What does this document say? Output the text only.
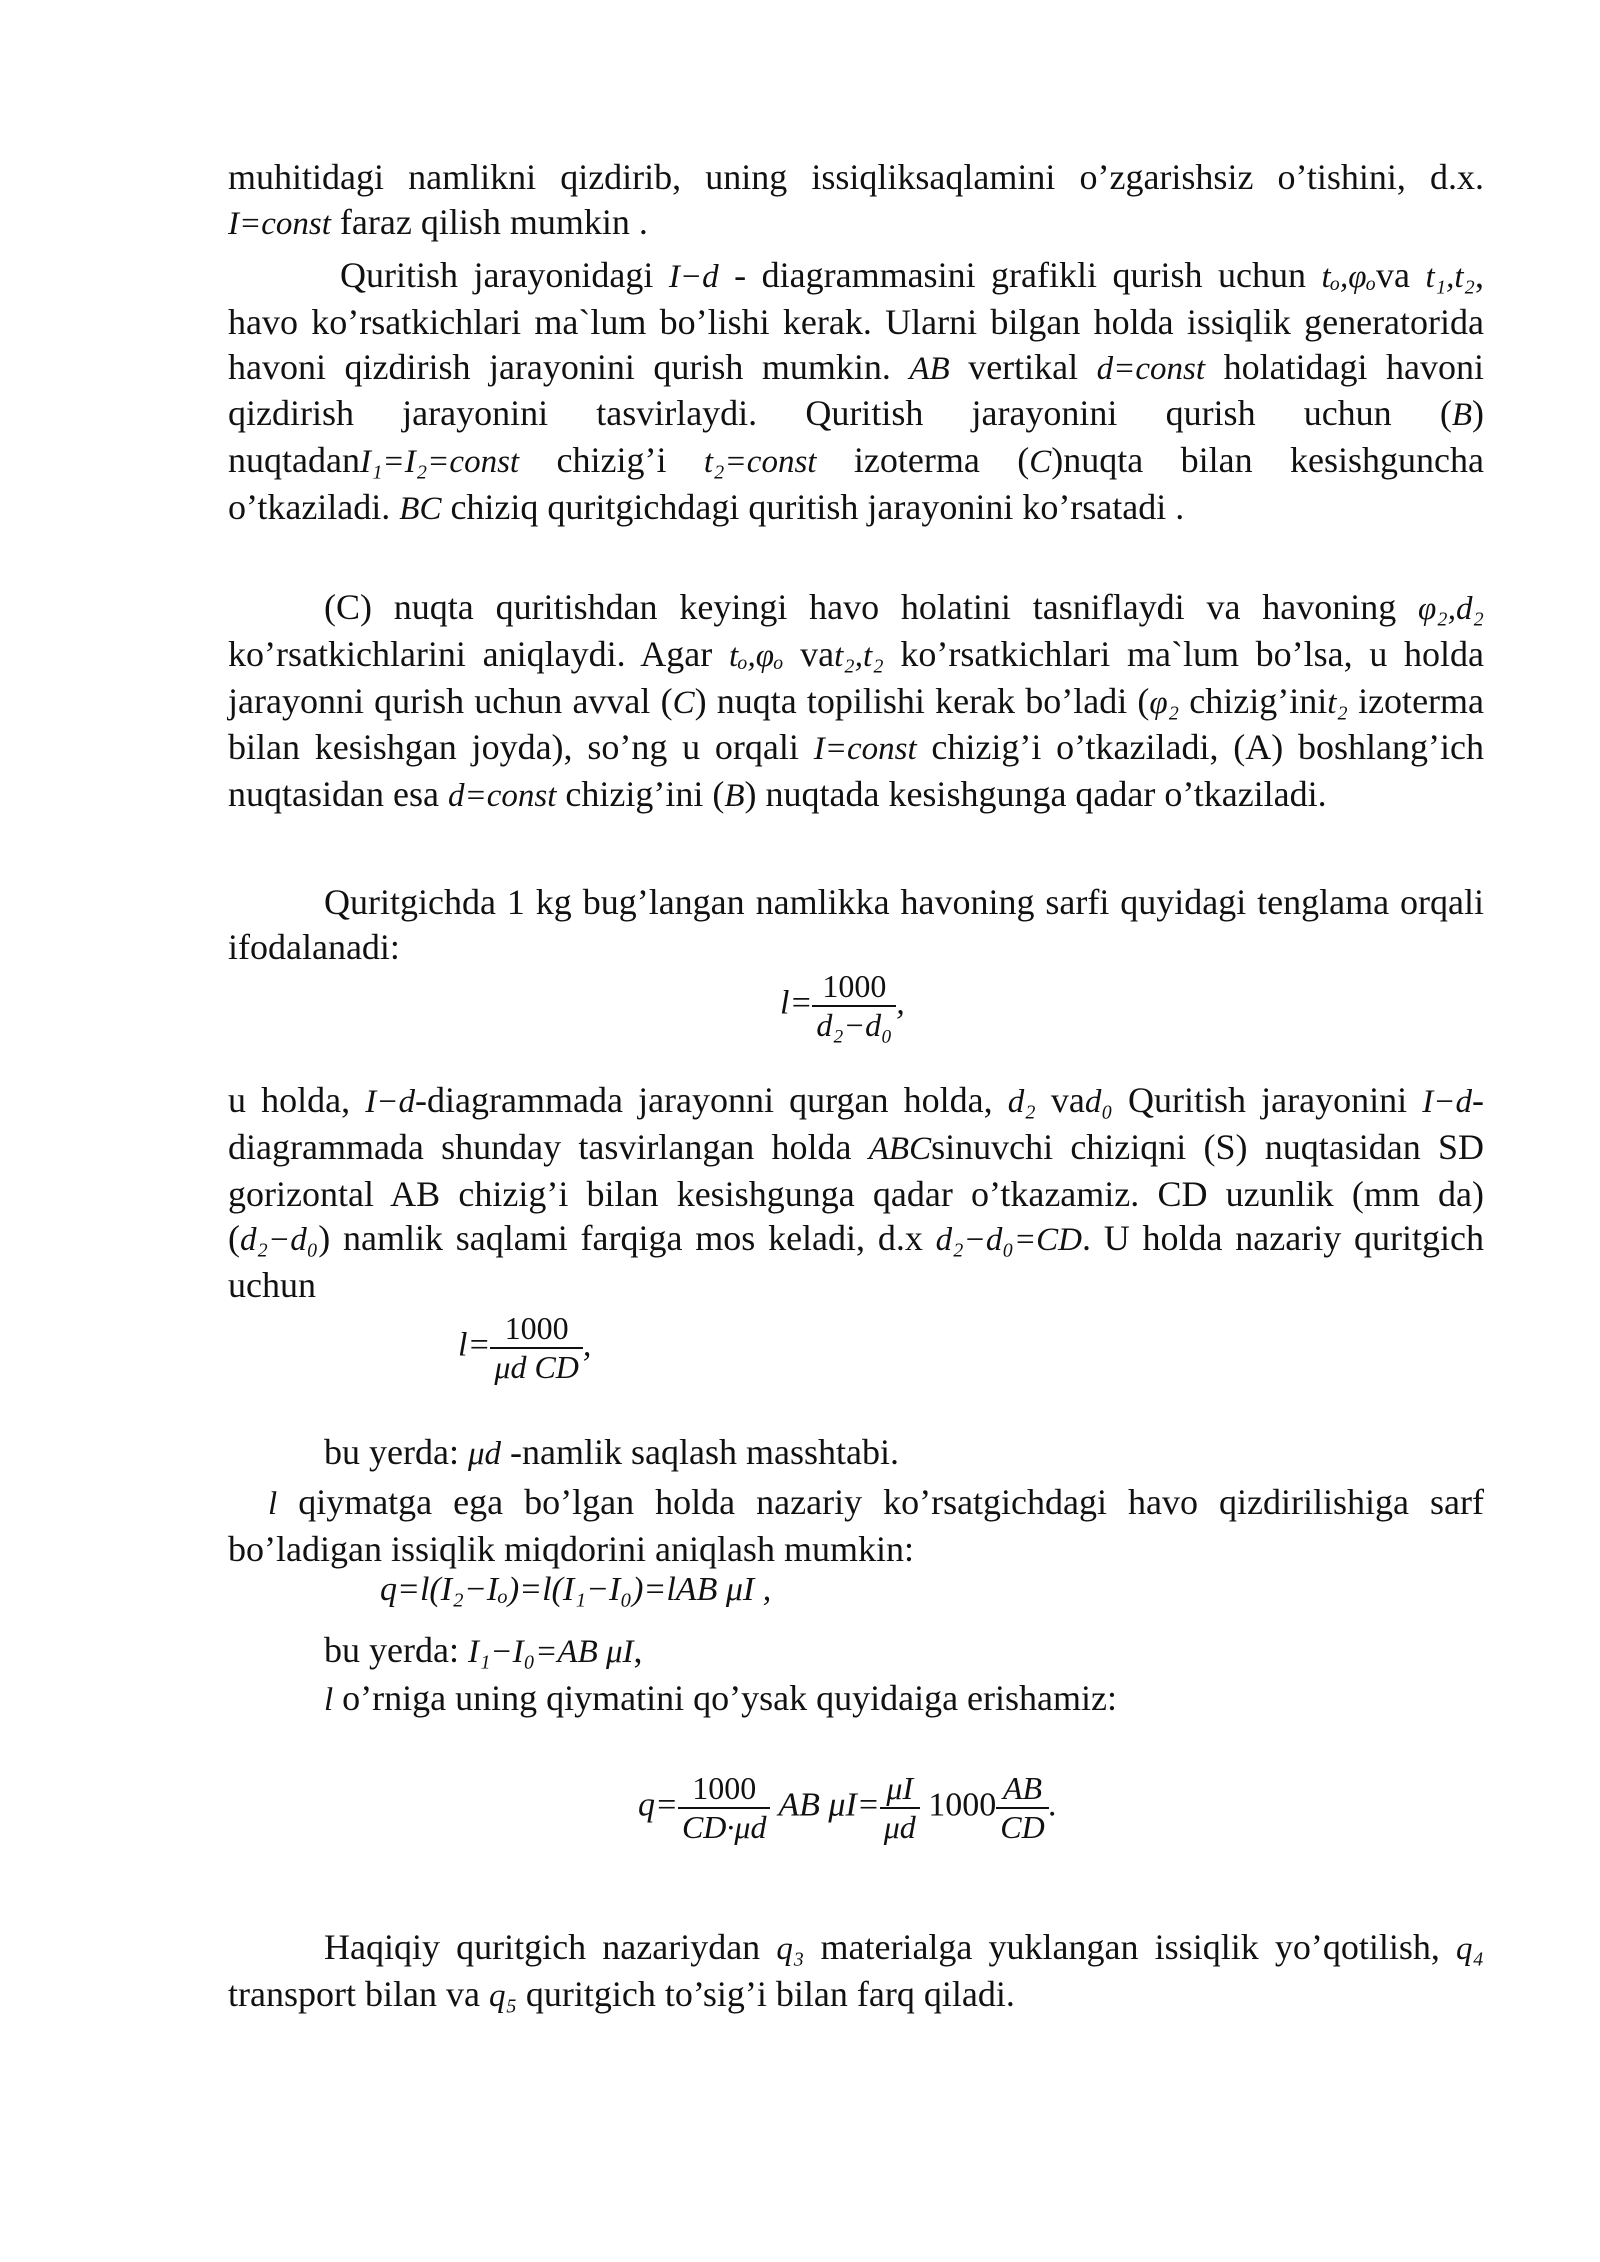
muhitidagi namlikni qizdirib, uning issiqliksaqlamini o’zgarishsiz o’tishini, d.x. I=const faraz qilish mumkin .

Quritish jarayonidagi I−d - diagrammasini grafikli qurish uchun tₒ,φₒva t₁,t₂, havo ko’rsatkichlari ma`lum bo’lishi kerak. Ularni bilgan holda issiqlik generatorida havoni qizdirish jarayonini qurish mumkin. AB vertikal d=const holatidagi havoni qizdirish jarayonini tasvirlaydi. Quritish jarayonini qurish uchun (B) nuqtadanI₁=I₂=const chizig’i t₂=const izoterma (C)nuqta bilan kesishguncha o’tkaziladi. BC chiziq quritgichdagi quritish jarayonini ko’rsatadi .

(C) nuqta quritishdan keyingi havo holatini tasniflaydi va havoning φ₂,d₂ ko’rsatkichlarini aniqlaydi. Agar tₒ,φₒ vat₂,t₂ ko’rsatkichlari ma`lum bo’lsa, u holda jarayonni qurish uchun avval (C) nuqta topilishi kerak bo’ladi (φ₂ chizig’init₂ izoterma bilan kesishgan joyda), so’ng u orqali I=const chizig’i o’tkaziladi, (A) boshlang’ich nuqtasidan esa d=const chizig’ini (B) nuqtada kesishgunga qadar o’tkaziladi.

Quritgichda 1 kg bug’langan namlikka havoning sarfi quyidagi tenglama orqali ifodalanadi:

$l= \frac{1000}{\text{d₂−d₀}}$ ,

u holda, I−d-diagrammada jarayonni qurgan holda, d₂ vad₀ Quritish jarayonini I−d- diagrammada shunday tasvirlangan holda ABCsinuvchi chiziqni (S) nuqtasidan SD gorizontal AB chizig’i bilan kesishgunga qadar o’tkazamiz. CD uzunlik (mm da) (d₂−d₀) namlik saqlami farqiga mos keladi, d.x d₂−d₀=CD. U holda nazariy quritgich uchun

$l= \frac{1000}{\text{μd CD}}$ ,

bu yerda: μd -namlik saqlash masshtabi.

l qiymatga ega bo’lgan holda nazariy ko’rsatgichdagi havo qizdirilishiga sarf bo’ladigan issiqlik miqdorini aniqlash mumkin:

q=l(I₂−Iₒ)=l(I₁−I₀)=lAB μI ,

bu yerda: I₁−I₀=AB μI,

l o’rniga uning qiymatini qo’ysak quyidaiga erishamiz:

$q= \frac{1000}{CD\cdot\mu d}$ AB $\mu I= \frac{\mu I}{\mu d} 1000 \frac{AB}{CD}$ .

Haqiqiy quritgich nazariydan q₃ materialga yuklangan issiqlik yo’qotilish, q₄ transport bilan va q₅ quritgich to’sig’i bilan farq qiladi.
